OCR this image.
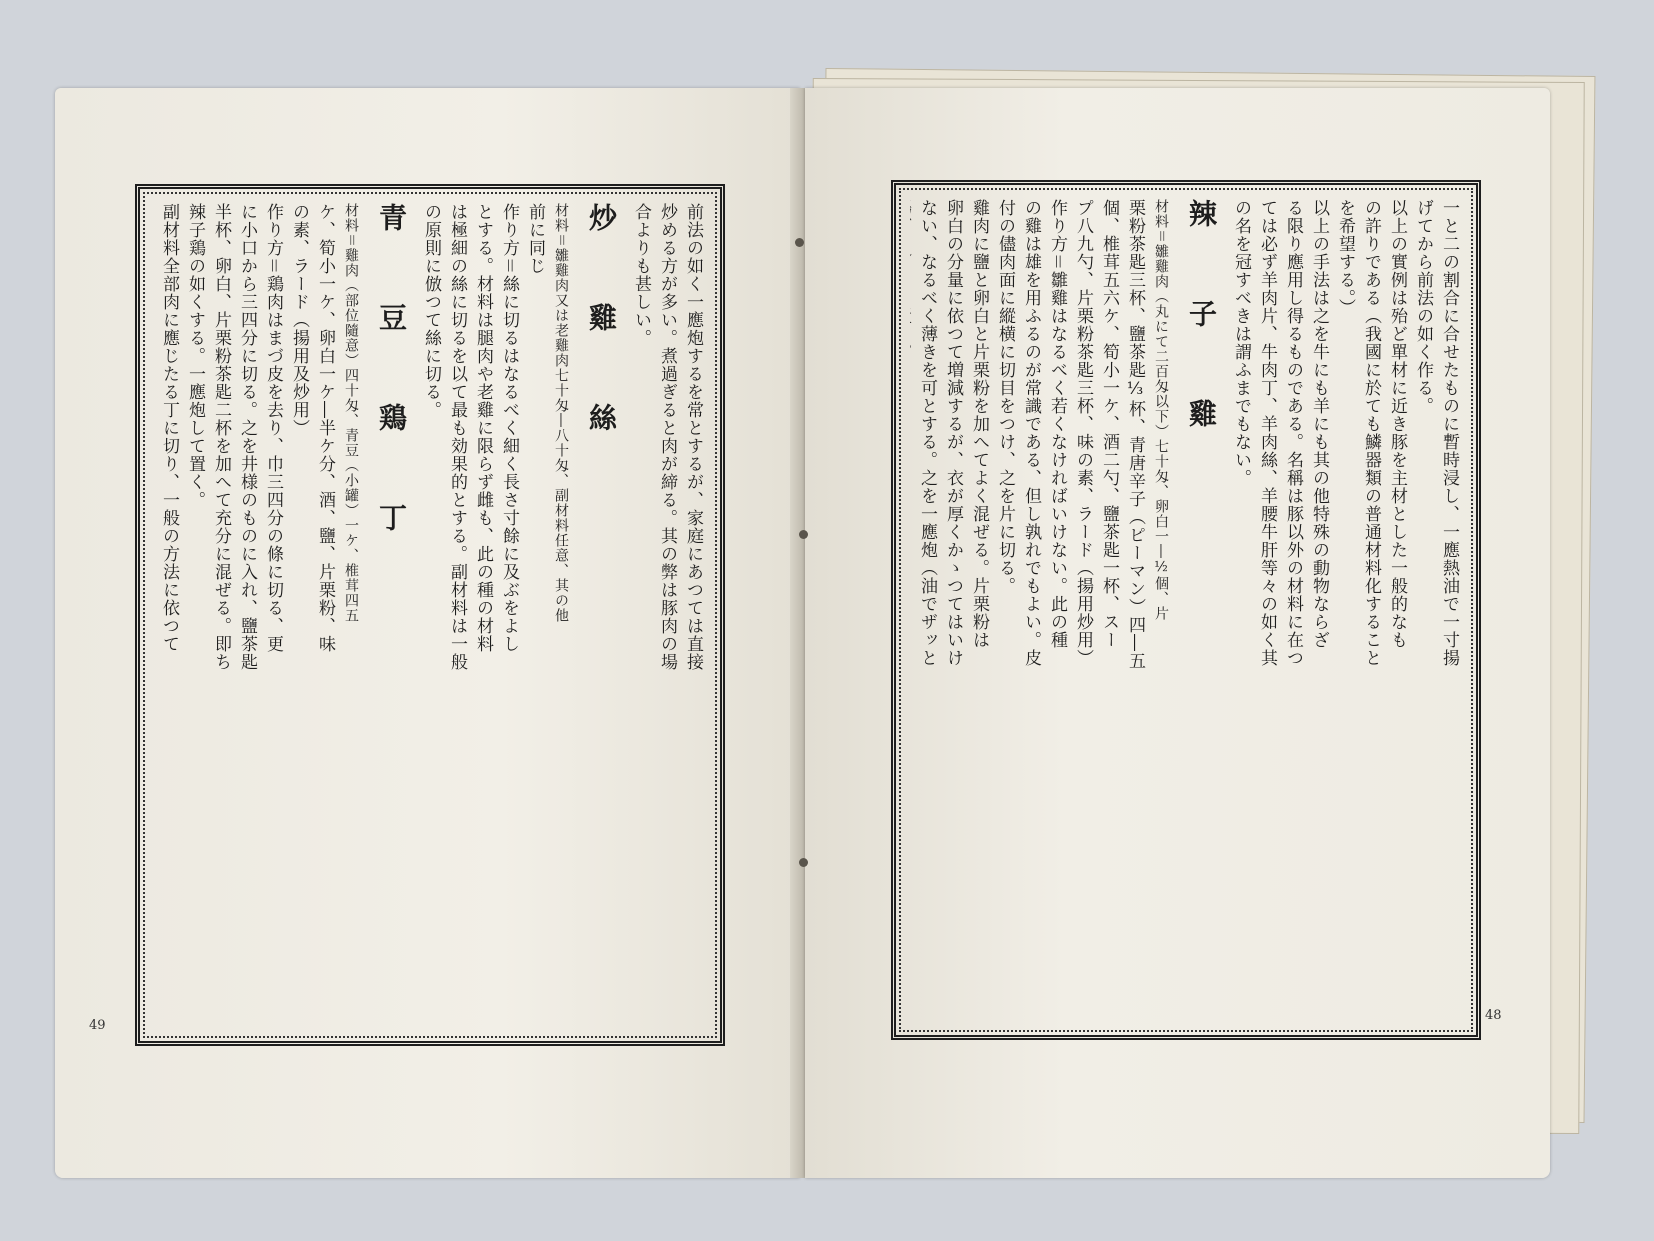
前法の如く一應炮するを常とするが、家庭にあつては直接

炒める方が多い。煮過ぎると肉が締る。其の弊は豚肉の場

合よりも甚しい。

炒　雞　絲

材料＝雛雞肉又は老雞肉七十匁―八十匁、副材料任意、其の他

前に同じ

作り方＝絲に切るはなるべく細く長さ寸餘に及ぶをよし

とする。材料は腿肉や老雞に限らず雌も、此の種の材料

は極細の絲に切るを以て最も効果的とする。副材料は一般

の原則に倣つて絲に切る。

青　豆　鶏　丁

材料＝雞肉（部位隨意）四十匁、青豆（小罐）一ケ、椎茸四五

ケ、筍小一ケ、卵白一ケ―半ケ分、酒、鹽、片栗粉、味

の素、ラード（揚用及炒用）

作り方＝鶏肉はまづ皮を去り、巾三四分の條に切る、更

に小口から三四分に切る。之を井様のものに入れ、鹽茶匙

半杯、卵白、片栗粉茶匙二杯を加へて充分に混ぜる。即ち

辣子鶏の如くする。一應炮して置く。

副材料全部肉に應じたる丁に切り、一般の方法に依つて

49

一と二の割合に合せたものに暫時浸し、一應熱油で一寸揚

げてから前法の如く作る。

以上の實例は殆ど單材に近き豚を主材とした一般的なも

の許りである（我國に於ても鱗器類の普通材料化すること

を希望する。）

以上の手法は之を牛にも羊にも其の他特殊の動物ならざ

る限り應用し得るものである。名稱は豚以外の材料に在つ

ては必ず羊肉片、牛肉丁、羊肉絲、羊腰牛肝等々の如く其

の名を冠すべきは謂ふまでもない。

辣　子　雞

材料＝雛雞肉（丸にて二百匁以下）七十匁、卵白一―½個、片

栗粉茶匙三杯、鹽茶匙⅓杯、青唐辛子（ピーマン）四―五

個、椎茸五六ケ、筍小一ケ、酒二勺、鹽茶匙一杯、スー

プ八九勺、片栗粉茶匙三杯、味の素、ラード（揚用炒用）

作り方＝雛雞はなるべく若くなければいけない。此の種

の雞は雄を用ふるのが常識である、但し孰れでもよい。皮

付の儘肉面に縱横に切目をつけ、之を片に切る。

雞肉に鹽と卵白と片栗粉を加へてよく混ぜる。片栗粉は

卵白の分量に依つて増減するが、衣が厚くかゝつてはいけ

ない、なるべく薄きを可とする。之を一應炮（油でザッと

48
